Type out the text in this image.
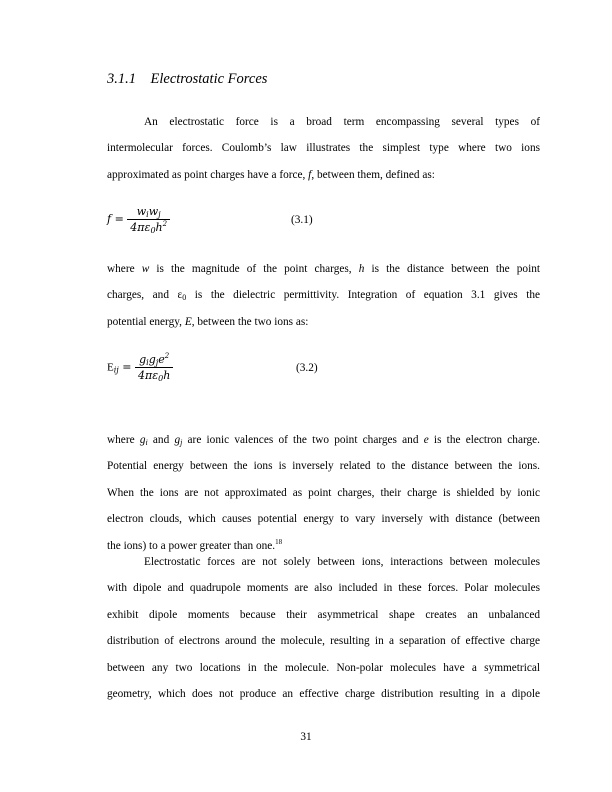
3.1.1 Electrostatic Forces
An electrostatic force is a broad term encompassing several types of
intermolecular forces. Coulomb’s law illustrates the simplest type where two ions
approximated as point charges have a force, f, between them, defined as:
$f = \frac{w_iw_j}{4\pi\varepsilon_0h^2}$	(3.1)
where w is the magnitude of the point charges, h is the distance between the point
charges, and $\varepsilon_0$ is the dielectric permittivity. Integration of equation 3.1 gives the
potential energy, E, between the two ions as:
$E_{ij} = \frac{g_ig_je^2}{4\pi\varepsilon_0h}$	(3.2)
where $g_i$ and $g_j$ are ionic valences of the two point charges and e is the electron charge.
Potential energy between the ions is inversely related to the distance between the ions.
When the ions are not approximated as point charges, their charge is shielded by ionic
electron clouds, which causes potential energy to vary inversely with distance (between
the ions) to a power greater than one.$^{18}$
Electrostatic forces are not solely between ions, interactions between molecules
with dipole and quadrupole moments are also included in these forces. Polar molecules
exhibit dipole moments because their asymmetrical shape creates an unbalanced
distribution of electrons around the molecule, resulting in a separation of effective charge
between any two locations in the molecule. Non-polar molecules have a symmetrical
geometry, which does not produce an effective charge distribution resulting in a dipole
31
